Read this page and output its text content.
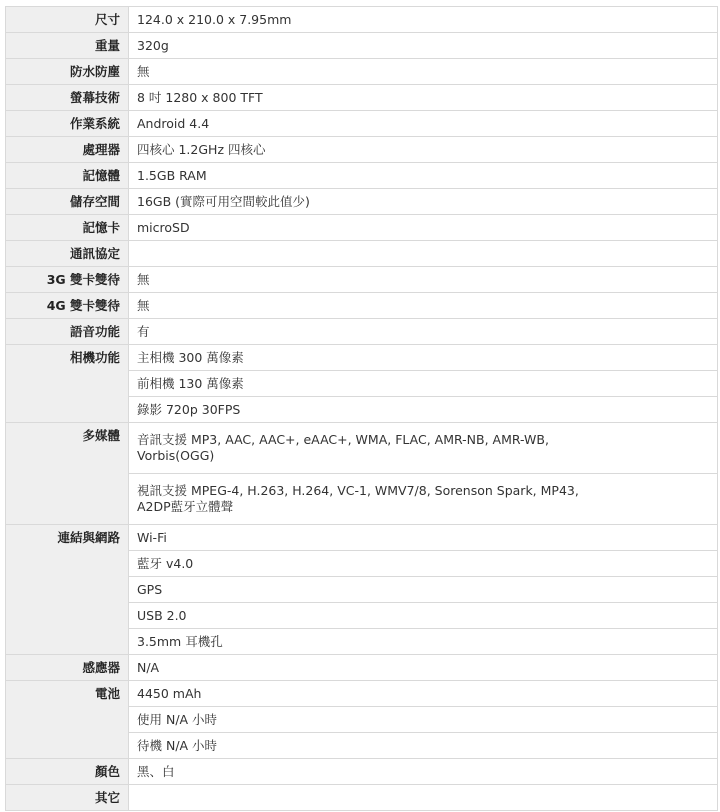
尺寸	124.0 x 210.0 x 7.95mm
重量	320g
防水防塵	無
螢幕技術	8 吋 1280 x 800 TFT
作業系統	Android 4.4
處理器	四核心 1.2GHz 四核心
記憶體	1.5GB RAM
儲存空間	16GB (實際可用空間較此值少)
記憶卡	microSD
通訊協定	
3G 雙卡雙待	無
4G 雙卡雙待	無
語音功能	有
相機功能	主相機 300 萬像素
	前相機 130 萬像素
	錄影 720p 30FPS
多媒體	音訊支援 MP3, AAC, AAC+, eAAC+, WMA, FLAC, AMR-NB, AMR-WB,
Vorbis(OGG)

	視訊支援 MPEG-4, H.263, H.264, VC-1, WMV7/8, Sorenson Spark, MP43,
A2DP藍牙立體聲

連結與網路	Wi-Fi
	藍牙 v4.0
	GPS
	USB 2.0
	3.5mm 耳機孔
感應器	N/A
電池	4450 mAh
	使用 N/A 小時
	待機 N/A 小時
顏色	黑、白
其它	
